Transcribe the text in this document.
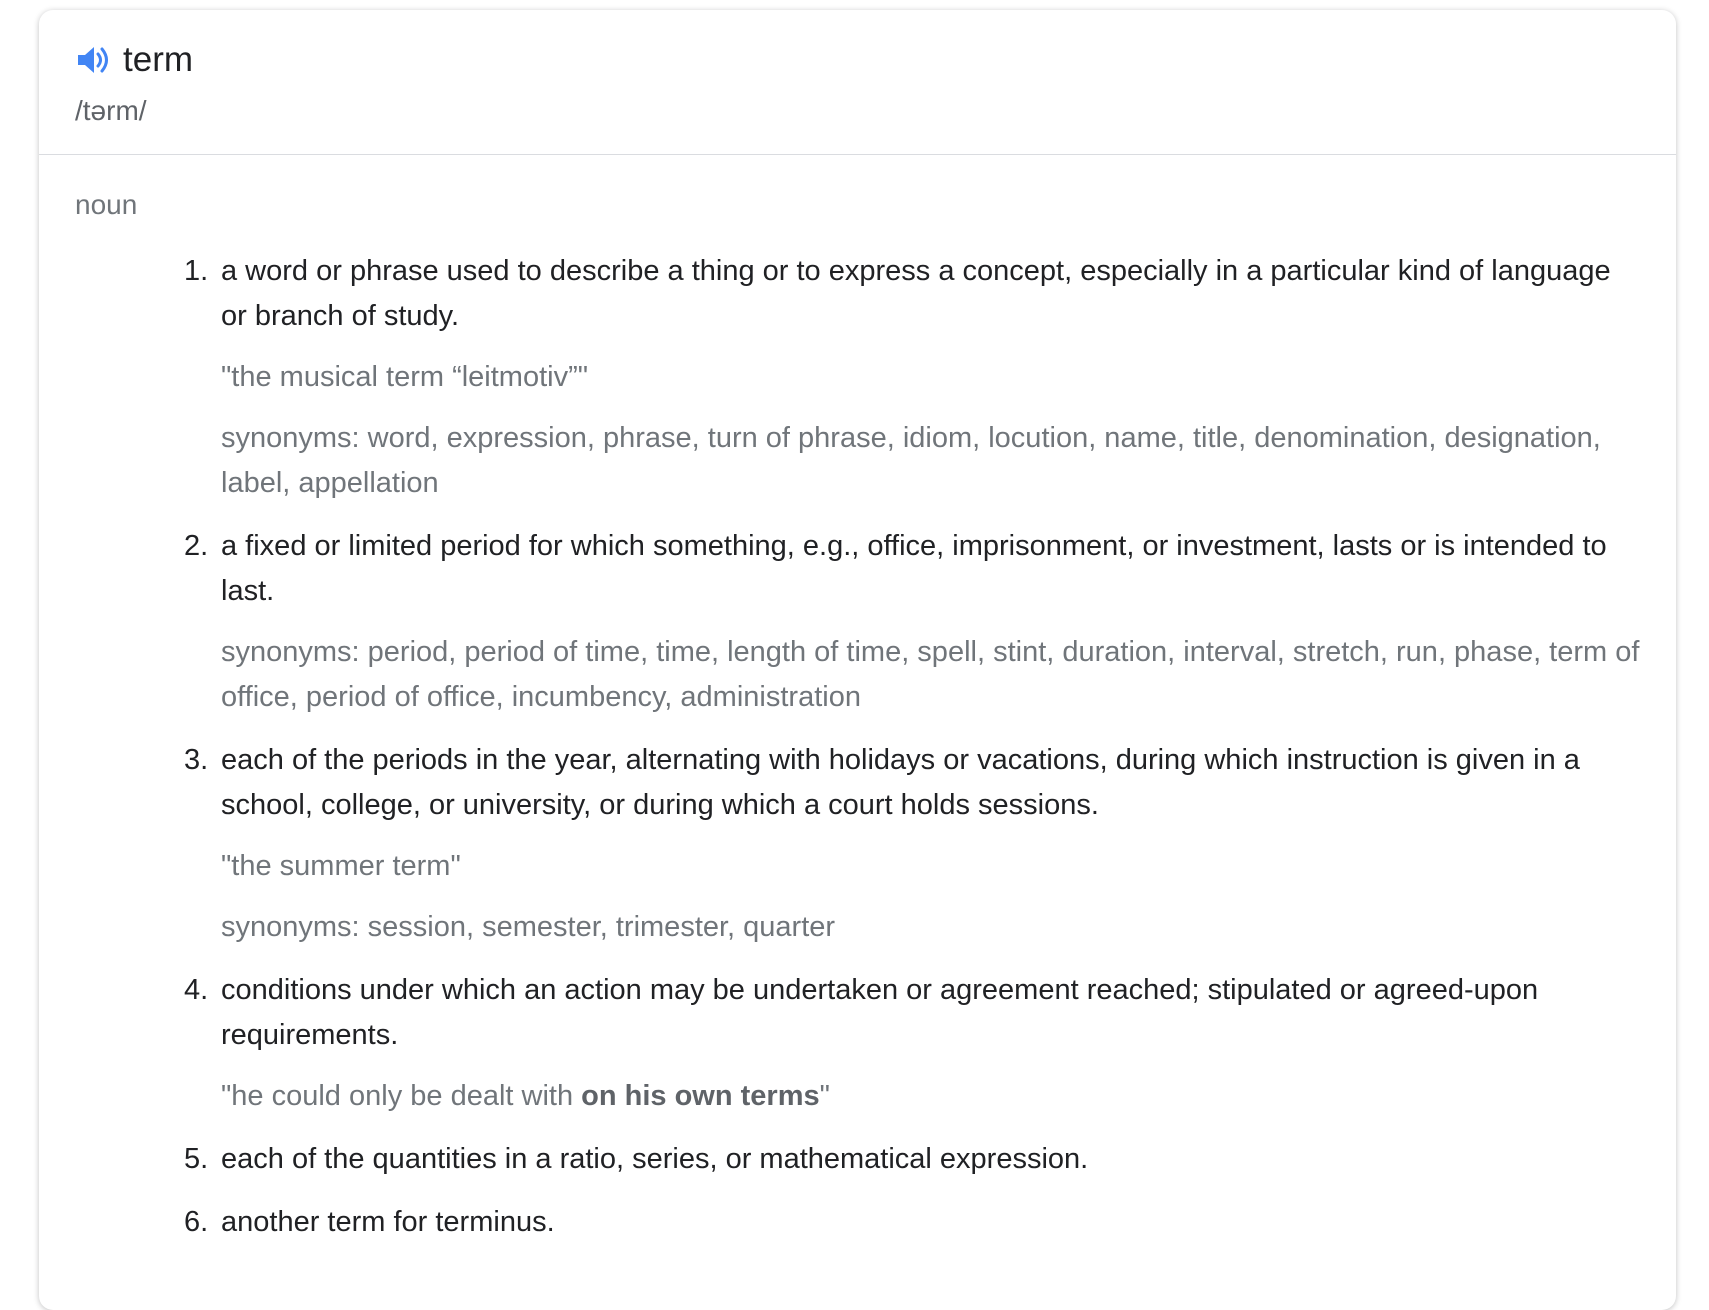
term
/tərm/
noun
1. a word or phrase used to describe a thing or to express a concept, especially in a particular kind of language or branch of study.
"the musical term “leitmotiv”"
synonyms: word, expression, phrase, turn of phrase, idiom, locution, name, title, denomination, designation, label, appellation
2. a fixed or limited period for which something, e.g., office, imprisonment, or investment, lasts or is intended to last.
synonyms: period, period of time, time, length of time, spell, stint, duration, interval, stretch, run, phase, term of office, period of office, incumbency, administration
3. each of the periods in the year, alternating with holidays or vacations, during which instruction is given in a school, college, or university, or during which a court holds sessions.
"the summer term"
synonyms: session, semester, trimester, quarter
4. conditions under which an action may be undertaken or agreement reached; stipulated or agreed-upon requirements.
"he could only be dealt with on his own terms"
5. each of the quantities in a ratio, series, or mathematical expression.
6. another term for terminus.
